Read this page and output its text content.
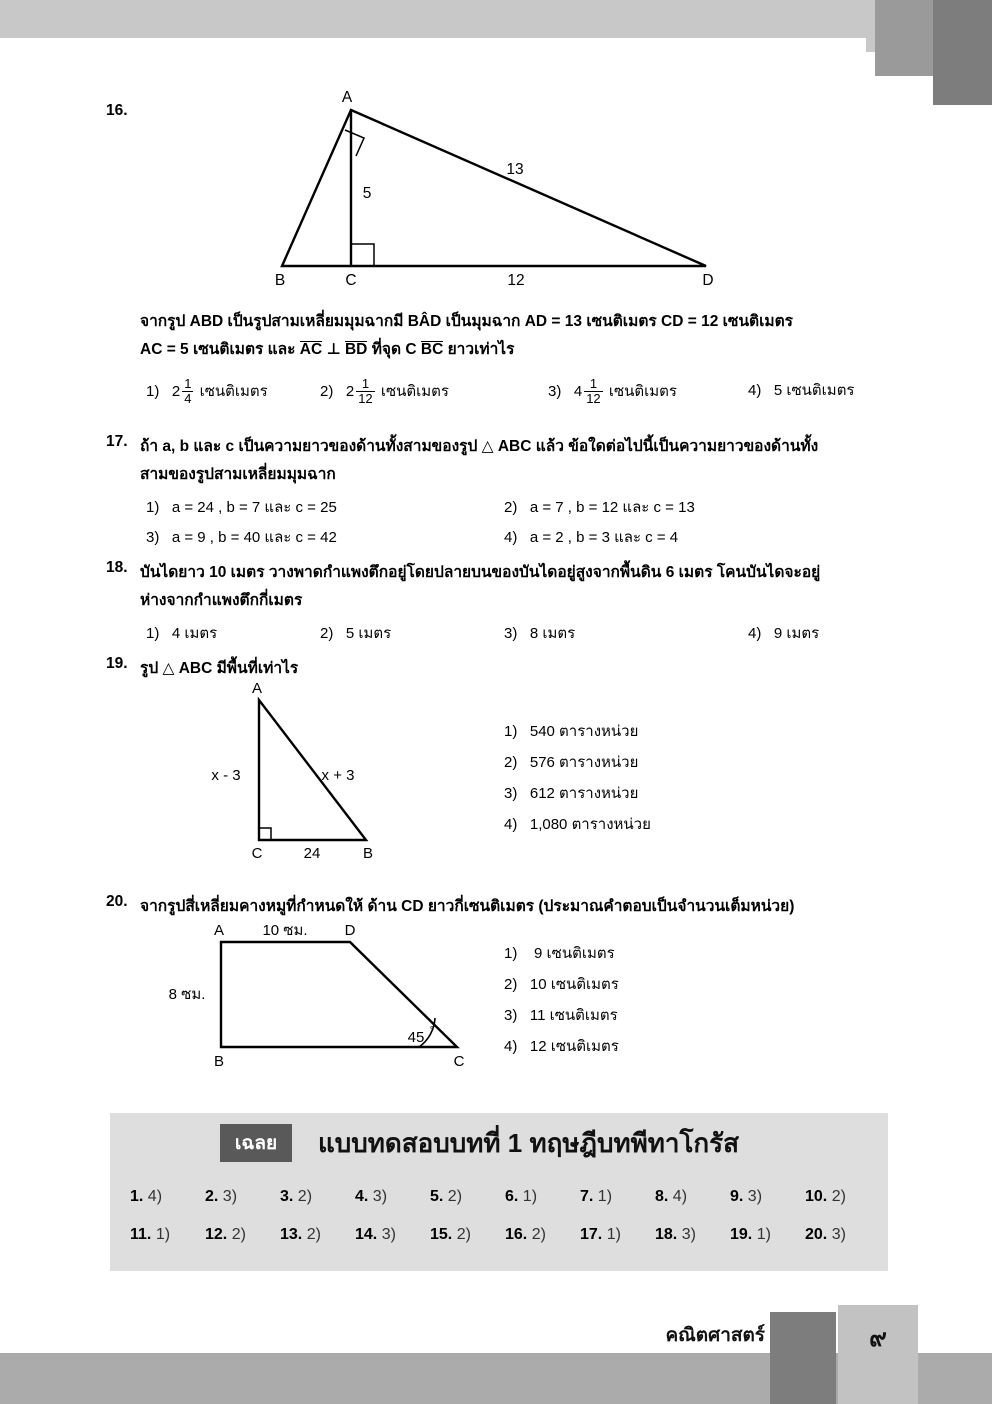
16.
A
B	C	D
13
5
12
จากรูป ABD เป็นรูปสามเหลี่ยมมุมฉากมี BÂD เป็นมุมฉาก AD = 13 เซนติเมตร CD = 12 เซนติเมตร
AC = 5 เซนติเมตร และ AC ⊥ BD ที่จุด C BC ยาวเท่าไร
1) $2 \frac{1}{4}$ เซนติเมตร	2) $2 \frac{1}{12}$ เซนติเมตร	3) $4 \frac{1}{12}$ เซนติเมตร	4) 5 เซนติเมตร
17. ถ้า a, b และ c เป็นความยาวของด้านทั้งสามของรูป △ ABC แล้ว ข้อใดต่อไปนี้เป็นความยาวของด้านทั้ง
สามของรูปสามเหลี่ยมมุมฉาก
1) a = 24 , b = 7 และ c = 25	2) a = 7 , b = 12 และ c = 13
3) a = 9 , b = 40 และ c = 42	4) a = 2 , b = 3 และ c = 4
18. บันไดยาว 10 เมตร วางพาดกำแพงตึกอยู่โดยปลายบนของบันไดอยู่สูงจากพื้นดิน 6 เมตร โคนบันไดจะอยู่
ห่างจากกำแพงตึกกี่เมตร
1) 4 เมตร	2) 5 เมตร	3) 8 เมตร	4) 9 เมตร
19. รูป △ ABC มีพื้นที่เท่าไร
A
C	B
x - 3	x + 3
24
1) 540 ตารางหน่วย
2) 576 ตารางหน่วย
3) 612 ตารางหน่วย
4) 1,080 ตารางหน่วย
20. จากรูปสี่เหลี่ยมคางหมูที่กำหนดให้ ด้าน CD ยาวกี่เซนติเมตร (ประมาณคำตอบเป็นจำนวนเต็มหน่วย)
A	D
B	C
10 ซม.
8 ซม.
45 °
1) 9 เซนติเมตร
2) 10 เซนติเมตร
3) 11 เซนติเมตร
4) 12 เซนติเมตร
เฉลย	แบบทดสอบบทที่ 1 ทฤษฎีบทพีทาโกรัส
1. 4)	2. 3)	3. 2)	4. 3)	5. 2)	6. 1)	7. 1)	8. 4)	9. 3)	10. 2)
11. 1)	12. 2)	13. 2)	14. 3)	15. 2)	16. 2)	17. 1)	18. 3)	19. 1)	20. 3)
คณิตศาสตร์	๙
